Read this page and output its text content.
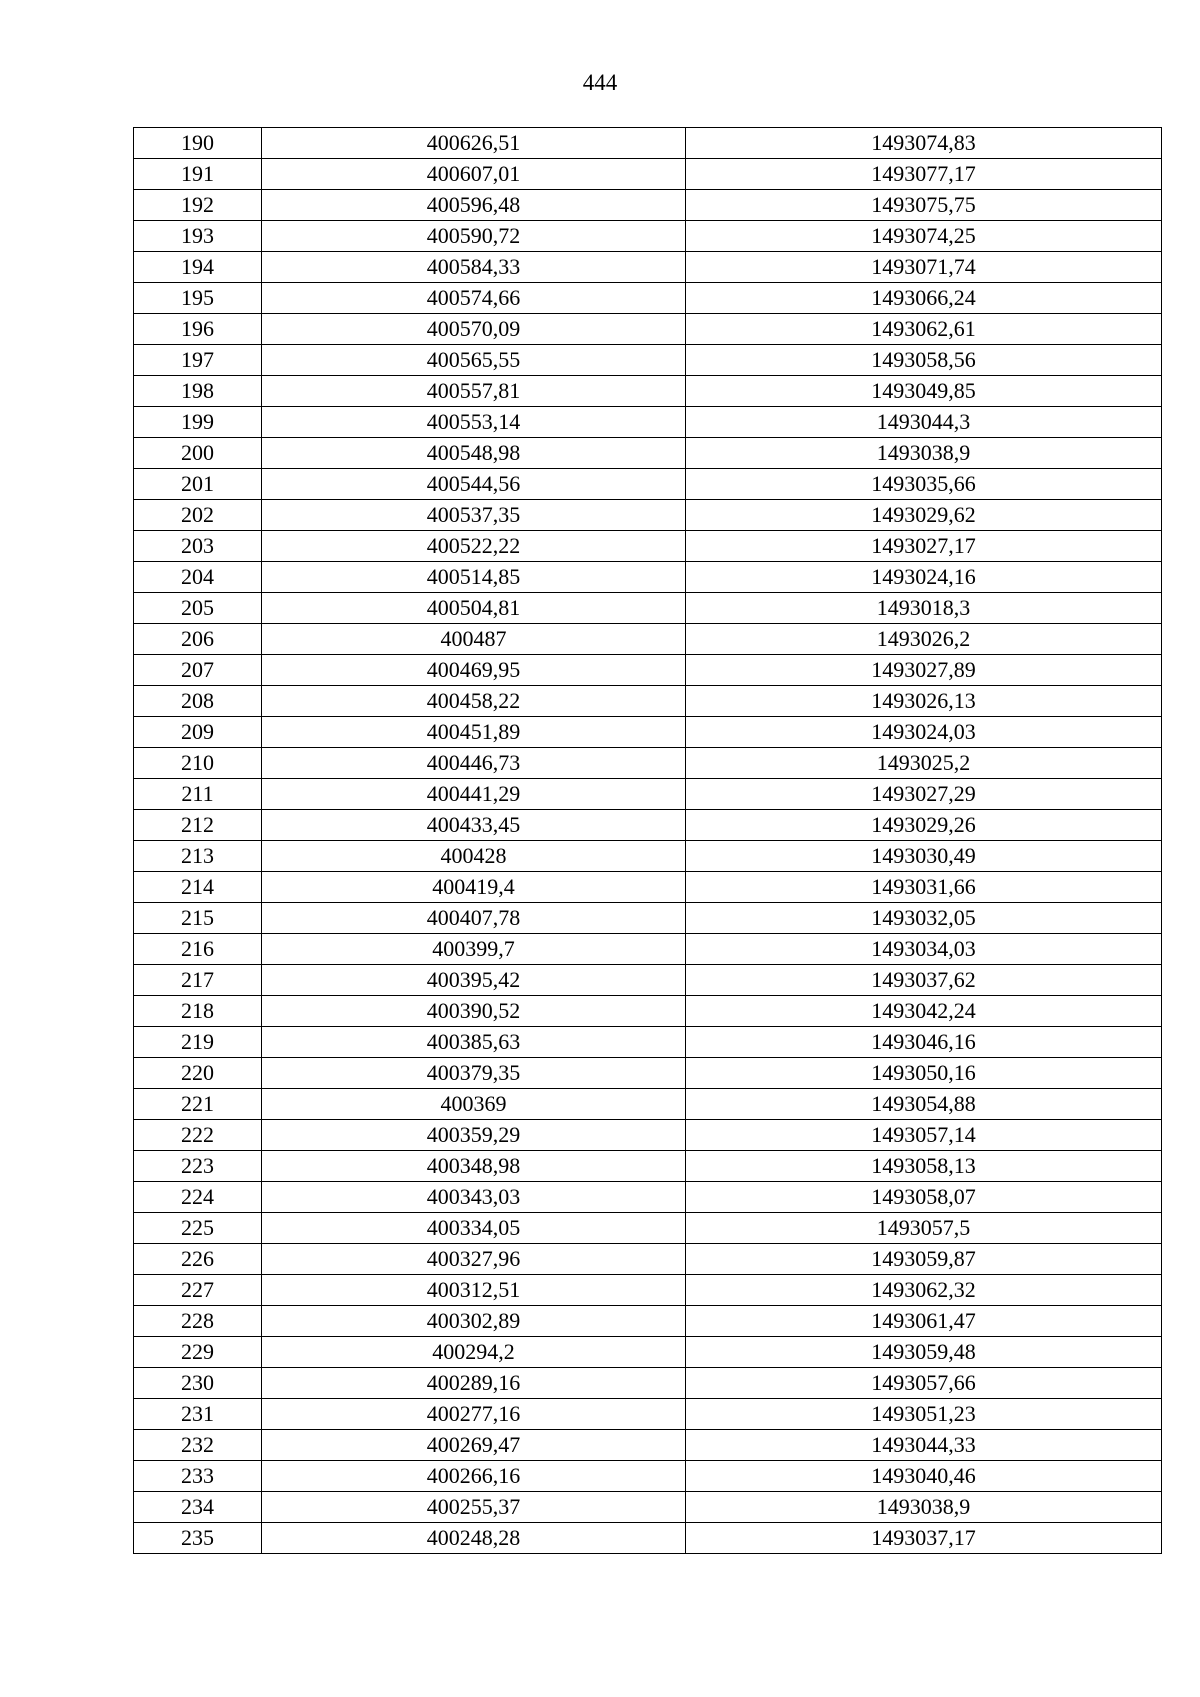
444
190	400626,51	1493074,83
191	400607,01	1493077,17
192	400596,48	1493075,75
193	400590,72	1493074,25
194	400584,33	1493071,74
195	400574,66	1493066,24
196	400570,09	1493062,61
197	400565,55	1493058,56
198	400557,81	1493049,85
199	400553,14	1493044,3
200	400548,98	1493038,9
201	400544,56	1493035,66
202	400537,35	1493029,62
203	400522,22	1493027,17
204	400514,85	1493024,16
205	400504,81	1493018,3
206	400487	1493026,2
207	400469,95	1493027,89
208	400458,22	1493026,13
209	400451,89	1493024,03
210	400446,73	1493025,2
211	400441,29	1493027,29
212	400433,45	1493029,26
213	400428	1493030,49
214	400419,4	1493031,66
215	400407,78	1493032,05
216	400399,7	1493034,03
217	400395,42	1493037,62
218	400390,52	1493042,24
219	400385,63	1493046,16
220	400379,35	1493050,16
221	400369	1493054,88
222	400359,29	1493057,14
223	400348,98	1493058,13
224	400343,03	1493058,07
225	400334,05	1493057,5
226	400327,96	1493059,87
227	400312,51	1493062,32
228	400302,89	1493061,47
229	400294,2	1493059,48
230	400289,16	1493057,66
231	400277,16	1493051,23
232	400269,47	1493044,33
233	400266,16	1493040,46
234	400255,37	1493038,9
235	400248,28	1493037,17
